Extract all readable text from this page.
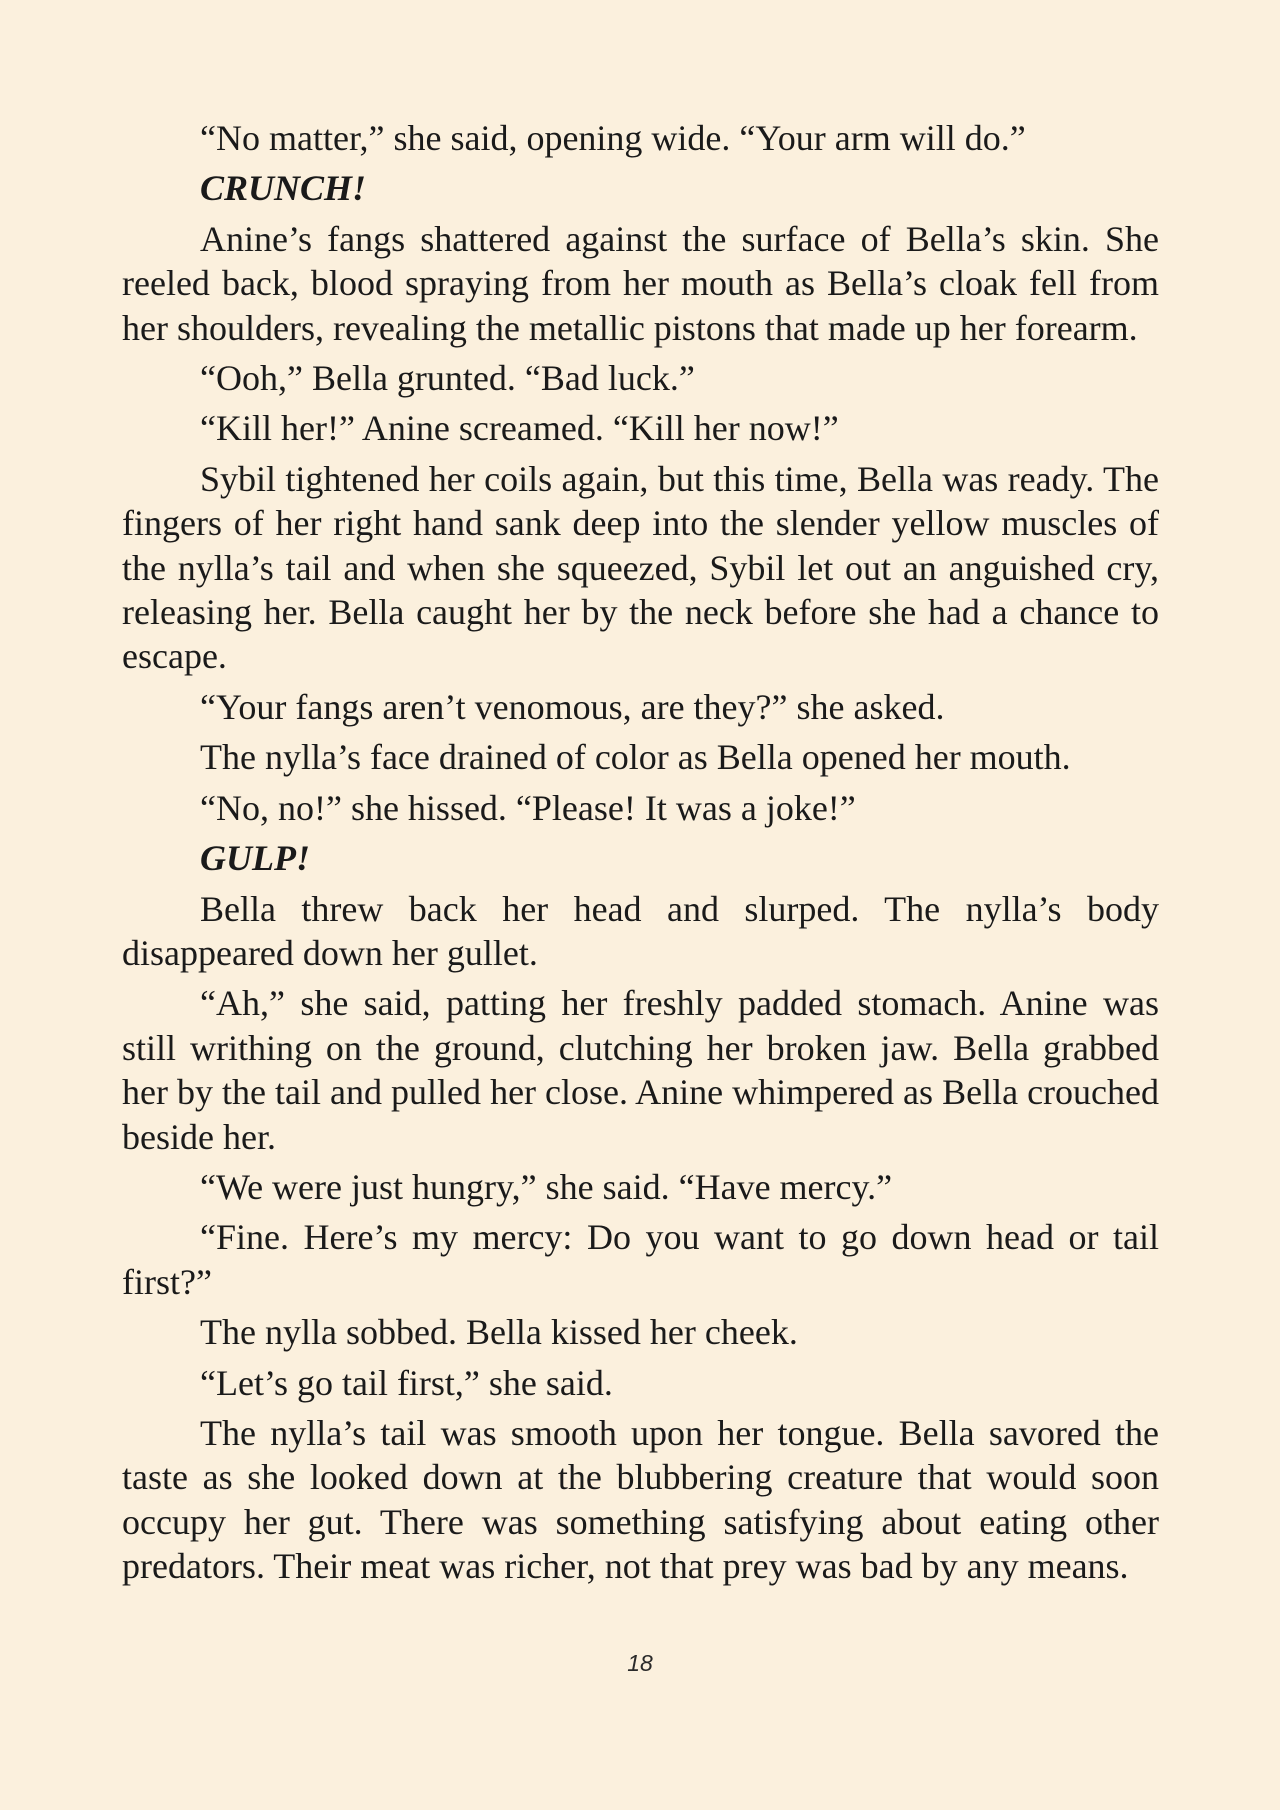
“No matter,” she said, opening wide. “Your arm will do.”

CRUNCH!

Anine’s fangs shattered against the surface of Bella’s skin. She reeled back, blood spraying from her mouth as Bella’s cloak fell from her shoulders, revealing the metallic pistons that made up her forearm.

“Ooh,” Bella grunted. “Bad luck.”

“Kill her!” Anine screamed. “Kill her now!”

Sybil tightened her coils again, but this time, Bella was ready. The fingers of her right hand sank deep into the slender yellow muscles of the nylla’s tail and when she squeezed, Sybil let out an anguished cry, releasing her. Bella caught her by the neck before she had a chance to escape.

“Your fangs aren’t venomous, are they?” she asked.

The nylla’s face drained of color as Bella opened her mouth.

“No, no!” she hissed. “Please! It was a joke!”

GULP!

Bella threw back her head and slurped. The nylla’s body disappeared down her gullet.

“Ah,” she said, patting her freshly padded stomach. Anine was still writhing on the ground, clutching her broken jaw. Bella grabbed her by the tail and pulled her close. Anine whimpered as Bella crouched beside her.

“We were just hungry,” she said. “Have mercy.”

“Fine. Here’s my mercy: Do you want to go down head or tail first?”

The nylla sobbed. Bella kissed her cheek.

“Let’s go tail first,” she said.

The nylla’s tail was smooth upon her tongue. Bella savored the taste as she looked down at the blubbering creature that would soon occupy her gut. There was something satisfying about eating other predators. Their meat was richer, not that prey was bad by any means.

18
